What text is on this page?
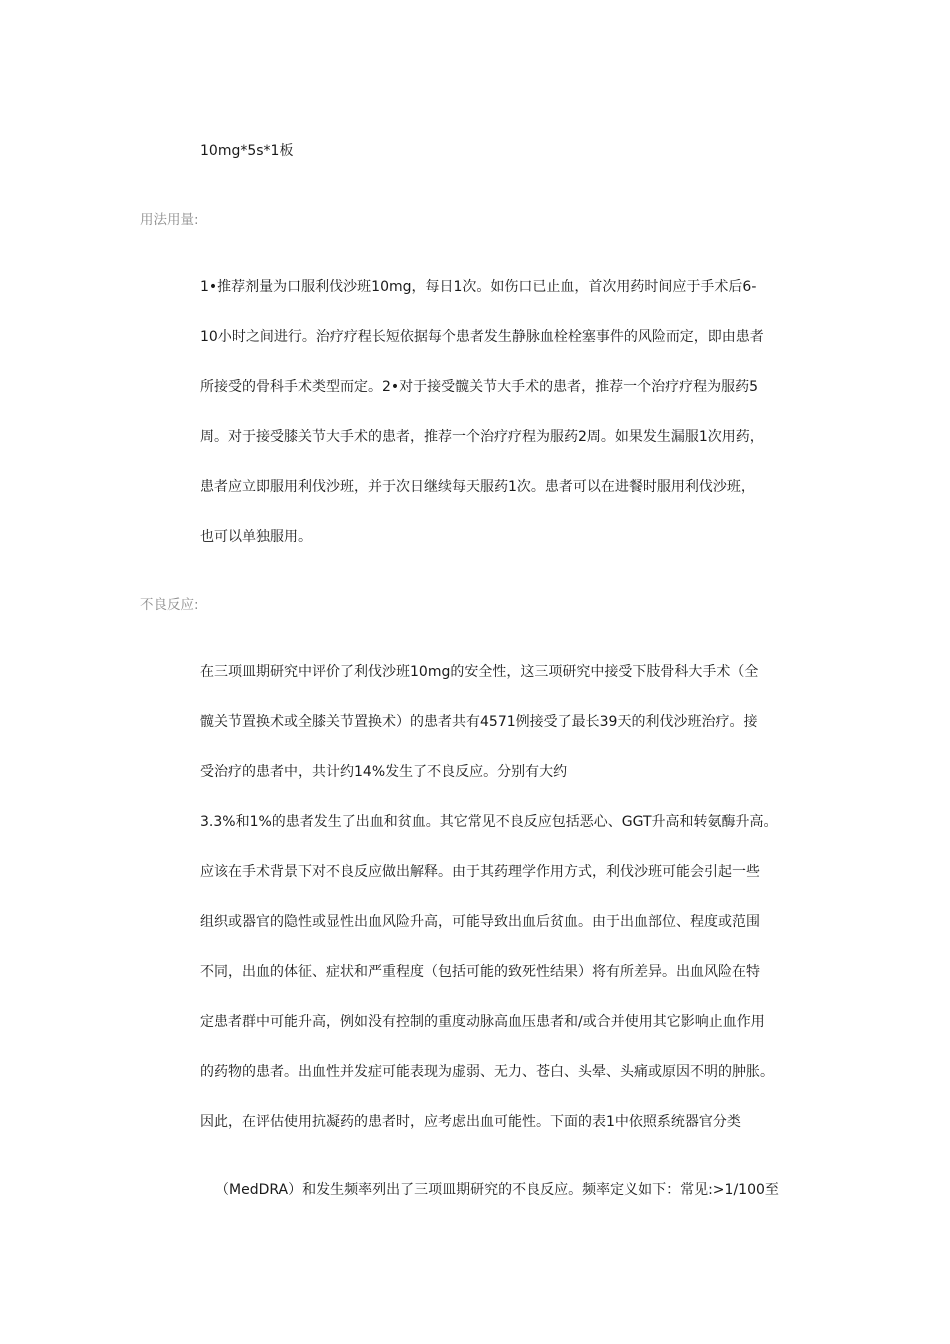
10mg*5s*1板
用法用量:
1•推荐剂量为口服利伐沙班10mg，每日1次。如伤口已止血，首次用药时间应于手术后6-
10小时之间进行。治疗疗程长短依据每个患者发生静脉血栓栓塞事件的风险而定，即由患者
所接受的骨科手术类型而定。2•对于接受髋关节大手术的患者，推荐一个治疗疗程为服药5
周。对于接受膝关节大手术的患者，推荐一个治疗疗程为服药2周。如果发生漏服1次用药，
患者应立即服用利伐沙班，并于次日继续每天服药1次。患者可以在进餐时服用利伐沙班，
也可以单独服用。
不良反应:
在三项皿期研究中评价了利伐沙班10mg的安全性，这三项研究中接受下肢骨科大手术（全
髋关节置换术或全膝关节置换术）的患者共有4571例接受了最长39天的利伐沙班治疗。接
受治疗的患者中，共计约14%发生了不良反应。分别有大约
3.3%和1%的患者发生了出血和贫血。其它常见不良反应包括恶心、GGT升高和转氨酶升高。
应该在手术背景下对不良反应做出解释。由于其药理学作用方式，利伐沙班可能会引起一些
组织或器官的隐性或显性出血风险升高，可能导致出血后贫血。由于出血部位、程度或范围
不同，出血的体征、症状和严重程度（包括可能的致死性结果）将有所差异。出血风险在特
定患者群中可能升高，例如没有控制的重度动脉高血压患者和/或合并使用其它影响止血作用
的药物的患者。出血性并发症可能表现为虚弱、无力、苍白、头晕、头痛或原因不明的肿胀。
因此，在评估使用抗凝药的患者时，应考虑出血可能性。下面的表1中依照系统器官分类
（MedDRA）和发生频率列出了三项皿期研究的不良反应。频率定义如下：常见:>1/100至
